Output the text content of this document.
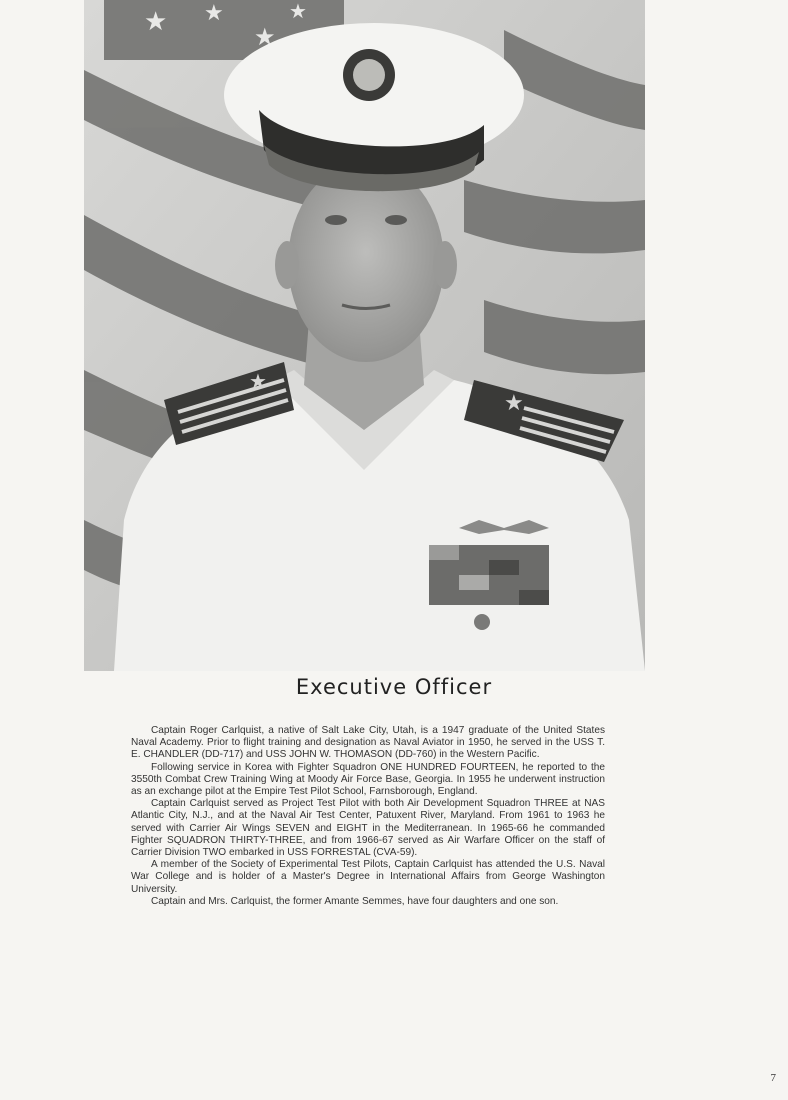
★ ★
★
★
★
★
Executive Officer

Captain Roger Carlquist, a native of Salt Lake City, Utah, is a 1947 graduate of the United States Naval Academy. Prior to flight training and designation as Naval Aviator in 1950, he served in the USS T. E. CHANDLER (DD-717) and USS JOHN W. THOMASON (DD-760) in the Western Pacific.

Following service in Korea with Fighter Squadron ONE HUNDRED FOURTEEN, he reported to the 3550th Combat Crew Training Wing at Moody Air Force Base, Georgia. In 1955 he underwent instruction as an exchange pilot at the Empire Test Pilot School, Farnsborough, England.

Captain Carlquist served as Project Test Pilot with both Air Development Squadron THREE at NAS Atlantic City, N.J., and at the Naval Air Test Center, Patuxent River, Maryland. From 1961 to 1963 he served with Carrier Air Wings SEVEN and EIGHT in the Mediterranean. In 1965-66 he commanded Fighter SQUADRON THIRTY-THREE, and from 1966-67 served as Air Warfare Officer on the staff of Carrier Division TWO embarked in USS FORRESTAL (CVA-59).

A member of the Society of Experimental Test Pilots, Captain Carlquist has attended the U.S. Naval War College and is holder of a Master's Degree in International Affairs from George Washington University.

Captain and Mrs. Carlquist, the former Amante Semmes, have four daughters and one son.

7
